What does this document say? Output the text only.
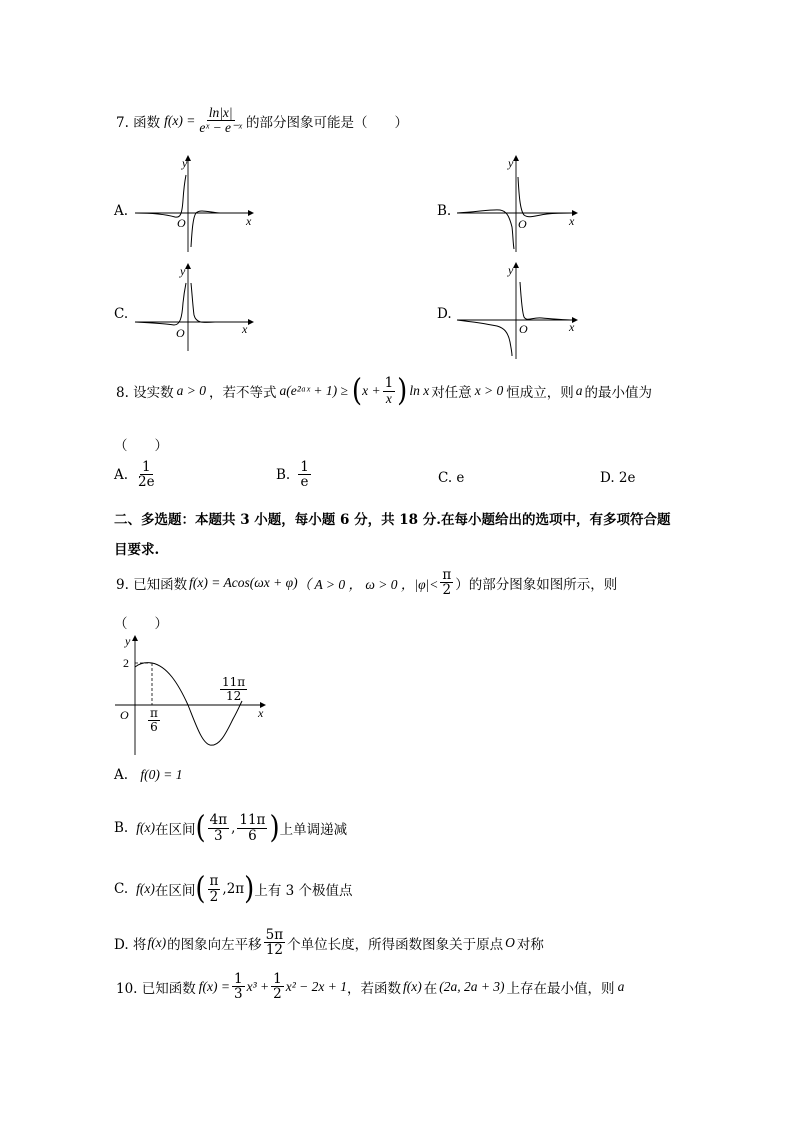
7. 函数 $f(x) = \frac{\ln|x|}{\text{eˣ − e⁻ˣ}}$ 的部分图象可能是（　　）
A.	B.
C.	D.
y
x
O
y
x
O
y
x
O
y
x
O
8. 设实数 a > 0 ，若不等式 a(e²ᵃˣ + 1) ≥ ( $x + \frac{1}{x}$ ) ln x 对任意 x > 0 恒成立，则 a 的最小值为
（　　）
A. $\frac{1}{2e}$	B. $\frac{1}{e}$	C. e	D. 2e
二、多选题：本题共 3 小题，每小题 6 分，共 18 分.在每小题给出的选项中，有多项符合题
目要求.
9. 已知函数 f(x) = Acos(ωx + φ) （ A > 0 ， ω > 0 ，$|\varphi|< \frac{\pi}{2}$ ）的部分图象如图所示，则
（　　）
y
x
O
2
$\frac{\pi}{6}$
$\frac{11\pi}{12}$
A. f(0) = 1
B. f(x) 在区间 ( $\frac{4\pi}{3}$ , $\frac{11\pi}{6}$ ) 上单调递减
C. f(x) 在区间 ( $\frac{\pi}{2}$ , 2π ) 上有 3 个极值点
D. 将 f(x) 的图象向左平移 $\frac{5\pi}{12}$ 个单位长度，所得函数图象关于原点 O 对称
10. 已知函数 $f(x) = \frac{1}{3} x^3 + \frac{1}{2} x^2 - 2x + 1$ ，若函数 f(x) 在 (2a, 2a + 3) 上存在最小值，则 a
